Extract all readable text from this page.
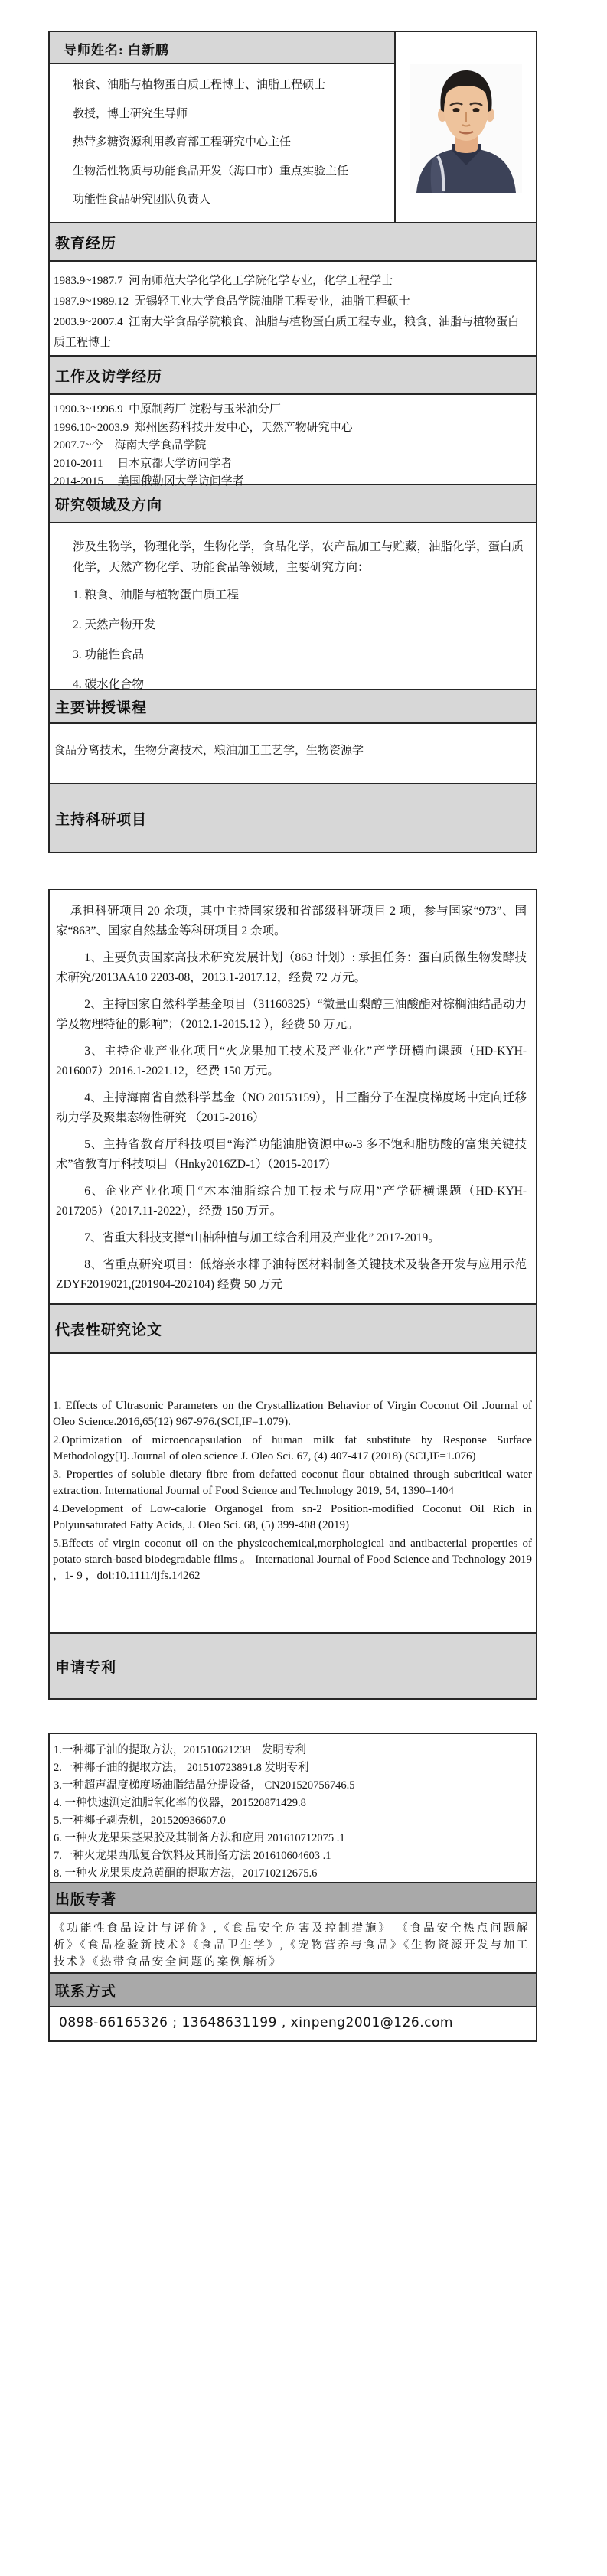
导师姓名: 白新鹏
粮食、油脂与植物蛋白质工程博士、油脂工程硕士
教授，博士研究生导师
热带多糖资源利用教育部工程研究中心主任
生物活性物质与功能食品开发（海口市）重点实验主任
功能性食品研究团队负责人
教育经历
1983.9~1987.7  河南师范大学化学化工学院化学专业，化学工程学士
1987.9~1989.12  无锡轻工业大学食品学院油脂工程专业，油脂工程硕士
2003.9~2007.4  江南大学食品学院粮食、油脂与植物蛋白质工程专业，粮食、油脂与植物蛋白质工程博士
工作及访学经历
1990.3~1996.9  中原制药厂 淀粉与玉米油分厂
1996.10~2003.9  郑州医药科技开发中心，天然产物研究中心
2007.7~今    海南大学食品学院
2010-2011     日本京都大学访问学者
2014-2015     美国俄勒冈大学访问学者
研究领域及方向

涉及生物学，物理化学，生物化学，食品化学，农产品加工与贮藏，油脂化学，蛋白质化学，天然产物化学、功能食品等领域，主要研究方向：

1. 粮食、油脂与植物蛋白质工程
2. 天然产物开发
3. 功能性食品
4. 碳水化合物
主要讲授课程
食品分离技术，生物分离技术，粮油加工工艺学，生物资源学
主持科研项目

承担科研项目 20 余项，其中主持国家级和省部级科研项目 2 项，参与国家“973”、国家“863”、国家自然基金等科研项目 2 余项。

1、主要负责国家高技术研究发展计划（863 计划）: 承担任务：蛋白质微生物发酵技术研究/2013AA10 2203-08，2013.1-2017.12，经费 72 万元。

2、主持国家自然科学基金项目（31160325）“微量山梨醇三油酸酯对棕榈油结晶动力学及物理特征的影响”；（2012.1-2015.12 ），经费 50 万元。

3、主持企业产业化项目“火龙果加工技术及产业化”产学研横向课题（HD-KYH-2016007）2016.1-2021.12，经费 150 万元。

4、主持海南省自然科学基金（NO 20153159），甘三酯分子在温度梯度场中定向迁移动力学及聚集态物性研究 （2015-2016）

5、主持省教育厅科技项目“海洋功能油脂资源中ω-3 多不饱和脂肪酸的富集关键技术”省教育厅科技项目（Hnky2016ZD-1）（2015-2017）

6、企业产业化项目“木本油脂综合加工技术与应用”产学研横课题（HD-KYH-2017205）（2017.11-2022），经费 150 万元。

7、省重大科技支撑“山柚种植与加工综合利用及产业化” 2017-2019。

8、省重点研究项目：低熔亲水椰子油特医材料制备关键技术及装备开发与应用示范 ZDYF2019021,(201904-202104) 经费 50 万元

代表性研究论文

1. Effects of Ultrasonic Parameters on the Crystallization Behavior of Virgin Coconut Oil .Journal of Oleo Science.2016,65(12) 967-976.(SCI,IF=1.079).

2.Optimization of microencapsulation of human milk fat substitute by Response Surface Methodology[J]. Journal of oleo science J. Oleo Sci. 67, (4) 407-417 (2018) (SCI,IF=1.076)

3. Properties of soluble dietary fibre from defatted coconut flour obtained through subcritical water extraction. International Journal of Food Science and Technology 2019, 54, 1390–1404

4.Development of Low-calorie Organogel from sn-2 Position-modified Coconut Oil Rich in Polyunsaturated Fatty Acids, J. Oleo Sci. 68, (5) 399-408 (2019)

5.Effects of virgin coconut oil on the physicochemical,morphological and antibacterial properties of potato starch-based biodegradable films 。 International Journal of Food Science and Technology 2019 ，1- 9 ，doi:10.1111/ijfs.14262

申请专利
1.一种椰子油的提取方法，201510621238    发明专利
2.一种椰子油的提取方法， 201510723891.8 发明专利
3.一种超声温度梯度场油脂结晶分提设备， CN201520756746.5
4. 一种快速测定油脂氧化率的仪器，201520871429.8
5.一种椰子剥壳机，201520936607.0
6. 一种火龙果果茎果胶及其制备方法和应用 201610712075 .1
7.一种火龙果西瓜复合饮料及其制备方法 201610604603 .1
8. 一种火龙果果皮总黄酮的提取方法，201710212675.6
出版专著
《功能性食品设计与评价》,《食品安全危害及控制措施》 《食品安全热点问题解析》《食品检验新技术》《食品卫生学》,《宠物营养与食品》《生物资源开发与加工技术》《热带食品安全问题的案例解析》
联系方式
0898-66165326 ; 13648631199 , xinpeng2001@126.com
